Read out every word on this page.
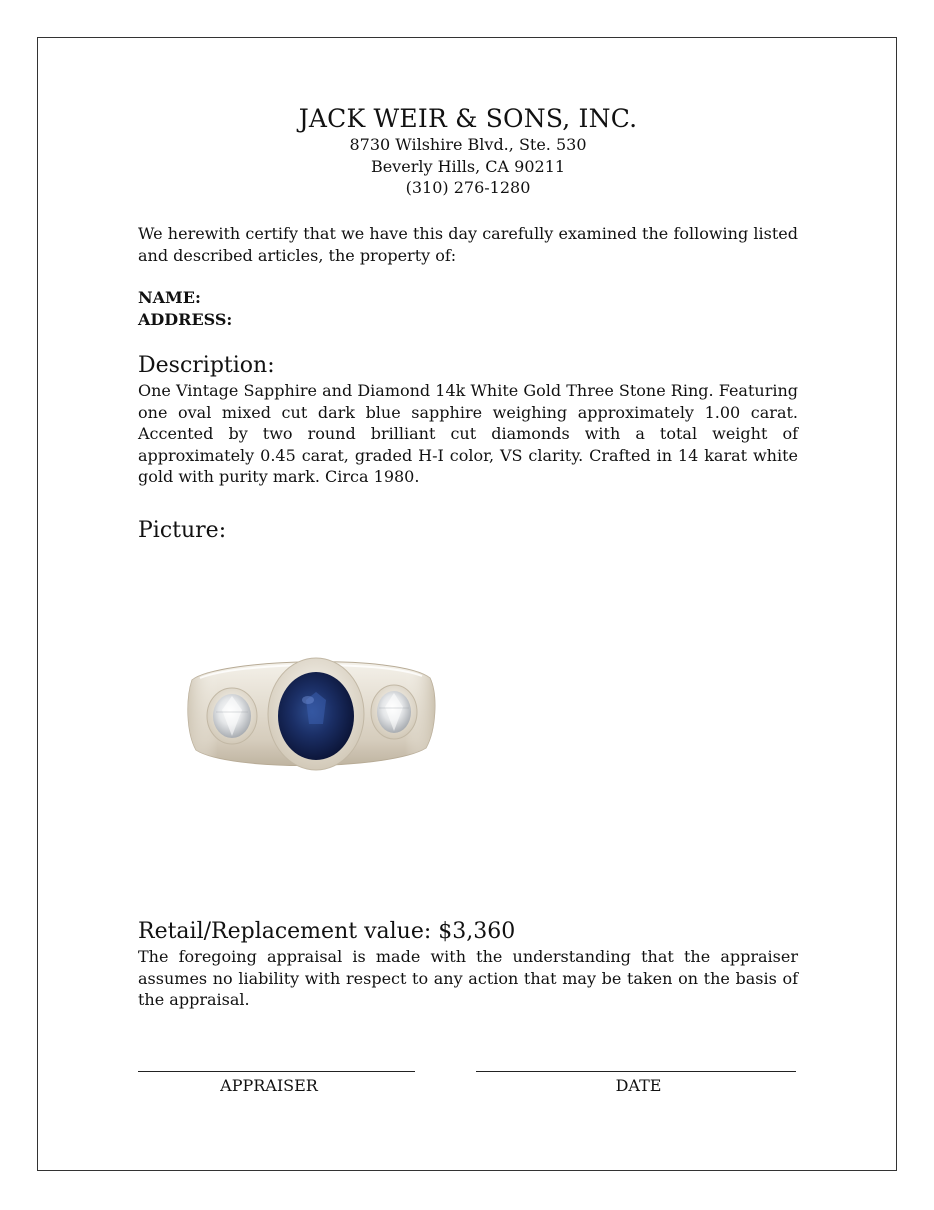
JACK WEIR & SONS, INC.
8730 Wilshire Blvd., Ste. 530
Beverly Hills, CA 90211
(310) 276-1280
We herewith certify that we have this day carefully examined the following listed and described articles, the property of:
NAME:
ADDRESS:
Description:
One Vintage Sapphire and Diamond 14k White Gold Three Stone Ring. Featuring one oval mixed cut dark blue sapphire weighing approximately 1.00 carat. Accented by two round brilliant cut diamonds with a total weight of approximately 0.45 carat, graded H-I color, VS clarity. Crafted in 14 karat white gold with purity mark. Circa 1980.
Picture:
Retail/Replacement value: $3,360
The foregoing appraisal is made with the understanding that the appraiser assumes no liability with respect to any action that may be taken on the basis of the appraisal.
APPRAISER	DATE
